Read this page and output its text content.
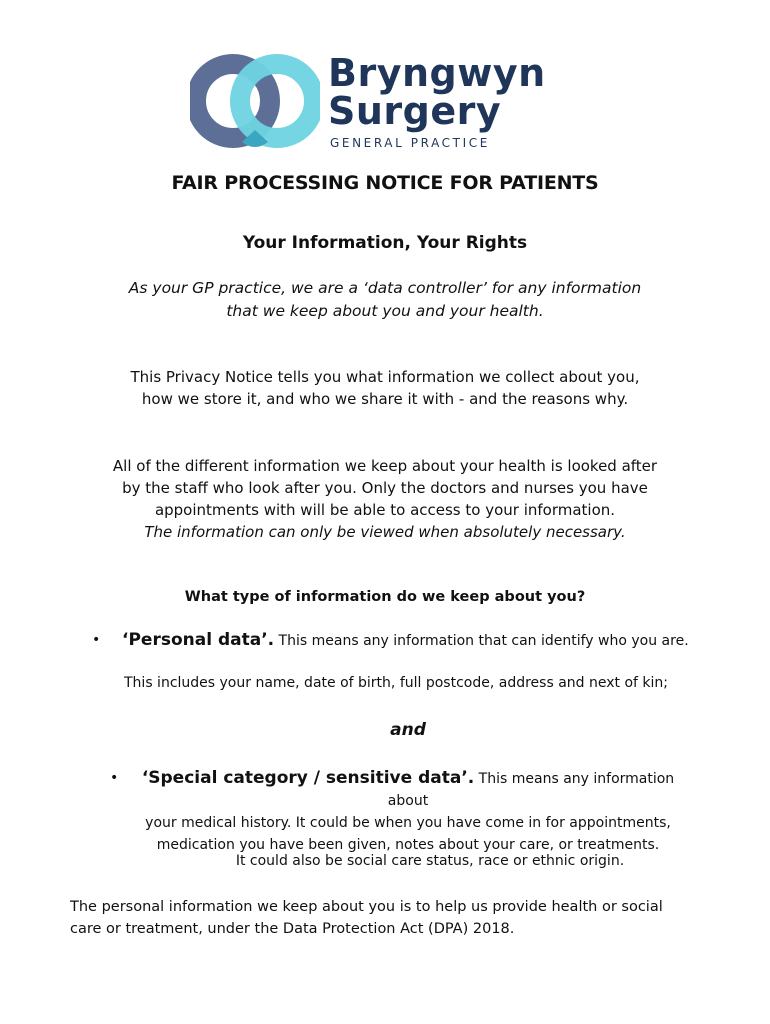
Bryngwyn
Surgery
GENERAL PRACTICE
FAIR PROCESSING NOTICE FOR PATIENTS
Your Information, Your Rights
As your GP practice, we are a ‘data controller’ for any information
that we keep about you and your health.
This Privacy Notice tells you what information we collect about you,
how we store it, and who we share it with - and the reasons why.
All of the different information we keep about your health is looked after
by the staff who look after you. Only the doctors and nurses you have
appointments with will be able to access to your information.
The information can only be viewed when absolutely necessary.
What type of information do we keep about you?
• ‘Personal data’. This means any information that can identify who you are.
This includes your name, date of birth, full postcode, address and next of kin;
and
•	‘Special category / sensitive data’. This means any information about
your medical history. It could be when you have come in for appointments,
medication you have been given, notes about your care, or treatments.
It could also be social care status, race or ethnic origin.
The personal information we keep about you is to help us provide health or social
care or treatment, under the Data Protection Act (DPA) 2018.
